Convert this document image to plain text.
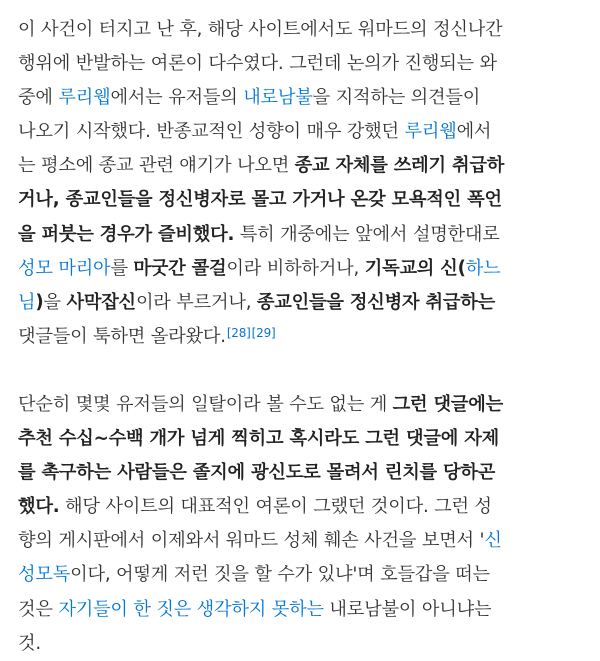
이 사건이 터지고 난 후, 해당 사이트에서도 워마드의 정신나간
행위에 반발하는 여론이 다수였다. 그런데 논의가 진행되는 와
중에 루리웹에서는 유저들의 내로남불을 지적하는 의견들이
나오기 시작했다. 반종교적인 성향이 매우 강했던 루리웹에서
는 평소에 종교 관련 얘기가 나오면 종교 자체를 쓰레기 취급하
거나, 종교인들을 정신병자로 몰고 가거나 온갖 모욕적인 폭언
을 퍼붓는 경우가 즐비했다. 특히 개중에는 앞에서 설명한대로
성모 마리아를 마굿간 콜걸이라 비하하거나, 기독교의 신(하느
님)을 사막잡신이라 부르거나, 종교인들을 정신병자 취급하는
댓글들이 툭하면 올라왔다.[28][29]

단순히 몇몇 유저들의 일탈이라 볼 수도 없는 게 그런 댓글에는
추천 수십~수백 개가 넘게 찍히고 혹시라도 그런 댓글에 자제
를 촉구하는 사람들은 졸지에 광신도로 몰려서 린치를 당하곤
했다. 해당 사이트의 대표적인 여론이 그랬던 것이다. 그런 성
향의 게시판에서 이제와서 워마드 성체 훼손 사건을 보면서 '신
성모독이다, 어떻게 저런 짓을 할 수가 있냐'며 호들갑을 떠는
것은 자기들이 한 짓은 생각하지 못하는 내로남불이 아니냐는
것.
